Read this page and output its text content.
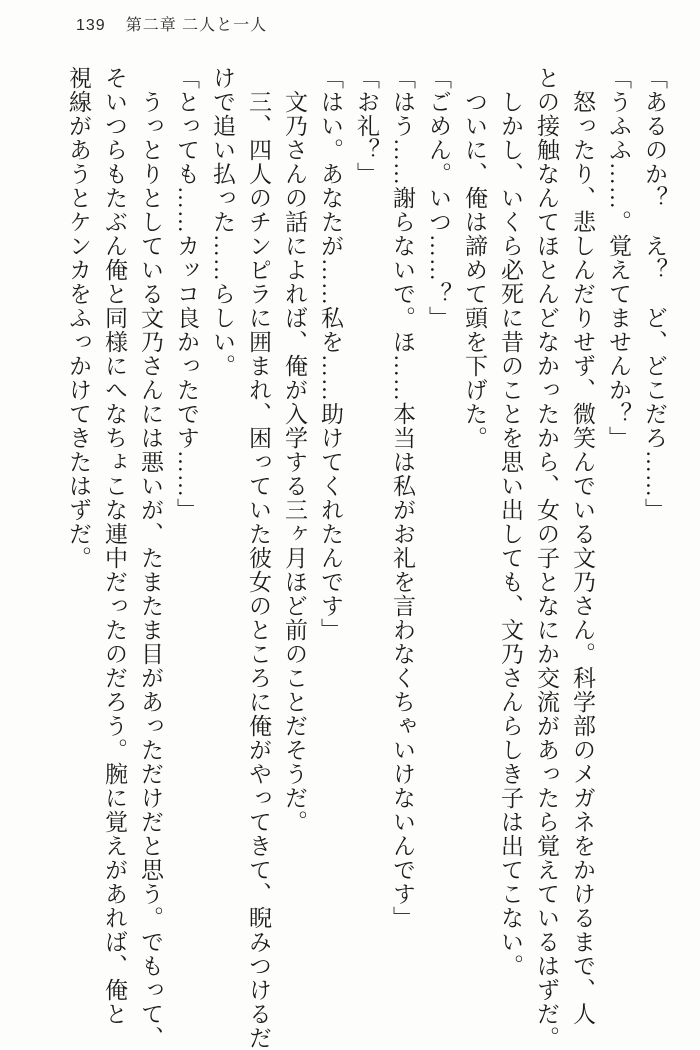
139 第二章 二人と一人

「あるのか？　え？　ど、どこだろ……」

「うふふ……。覚えてませんか？」

　怒ったり、悲しんだりせず、微笑んでいる文乃さん。科学部のメガネをかけるまで、人

との接触なんてほとんどなかったから、女の子となにか交流があったら覚えているはずだ。

　しかし、いくら必死に昔のことを思い出しても、文乃さんらしき子は出てこない。

　ついに、俺は諦めて頭を下げた。

「ごめん。いつ……？」

「はう……謝らないで。ほ……本当は私がお礼を言わなくちゃいけないんです」

「お礼？」

「はい。あなたが……私を……助けてくれたんです」

　文乃さんの話によれば、俺が入学する三ヶ月ほど前のことだそうだ。

　三、四人のチンピラに囲まれ、困っていた彼女のところに俺がやってきて、睨みつけるだ

けで追い払った……らしい。

「とっても……カッコ良かったです……」

　うっとりとしている文乃さんには悪いが、たまたま目があっただけだと思う。でもって、

そいつらもたぶん俺と同様にへなちょこな連中だったのだろう。腕に覚えがあれば、俺と

視線があうとケンカをふっかけてきたはずだ。
